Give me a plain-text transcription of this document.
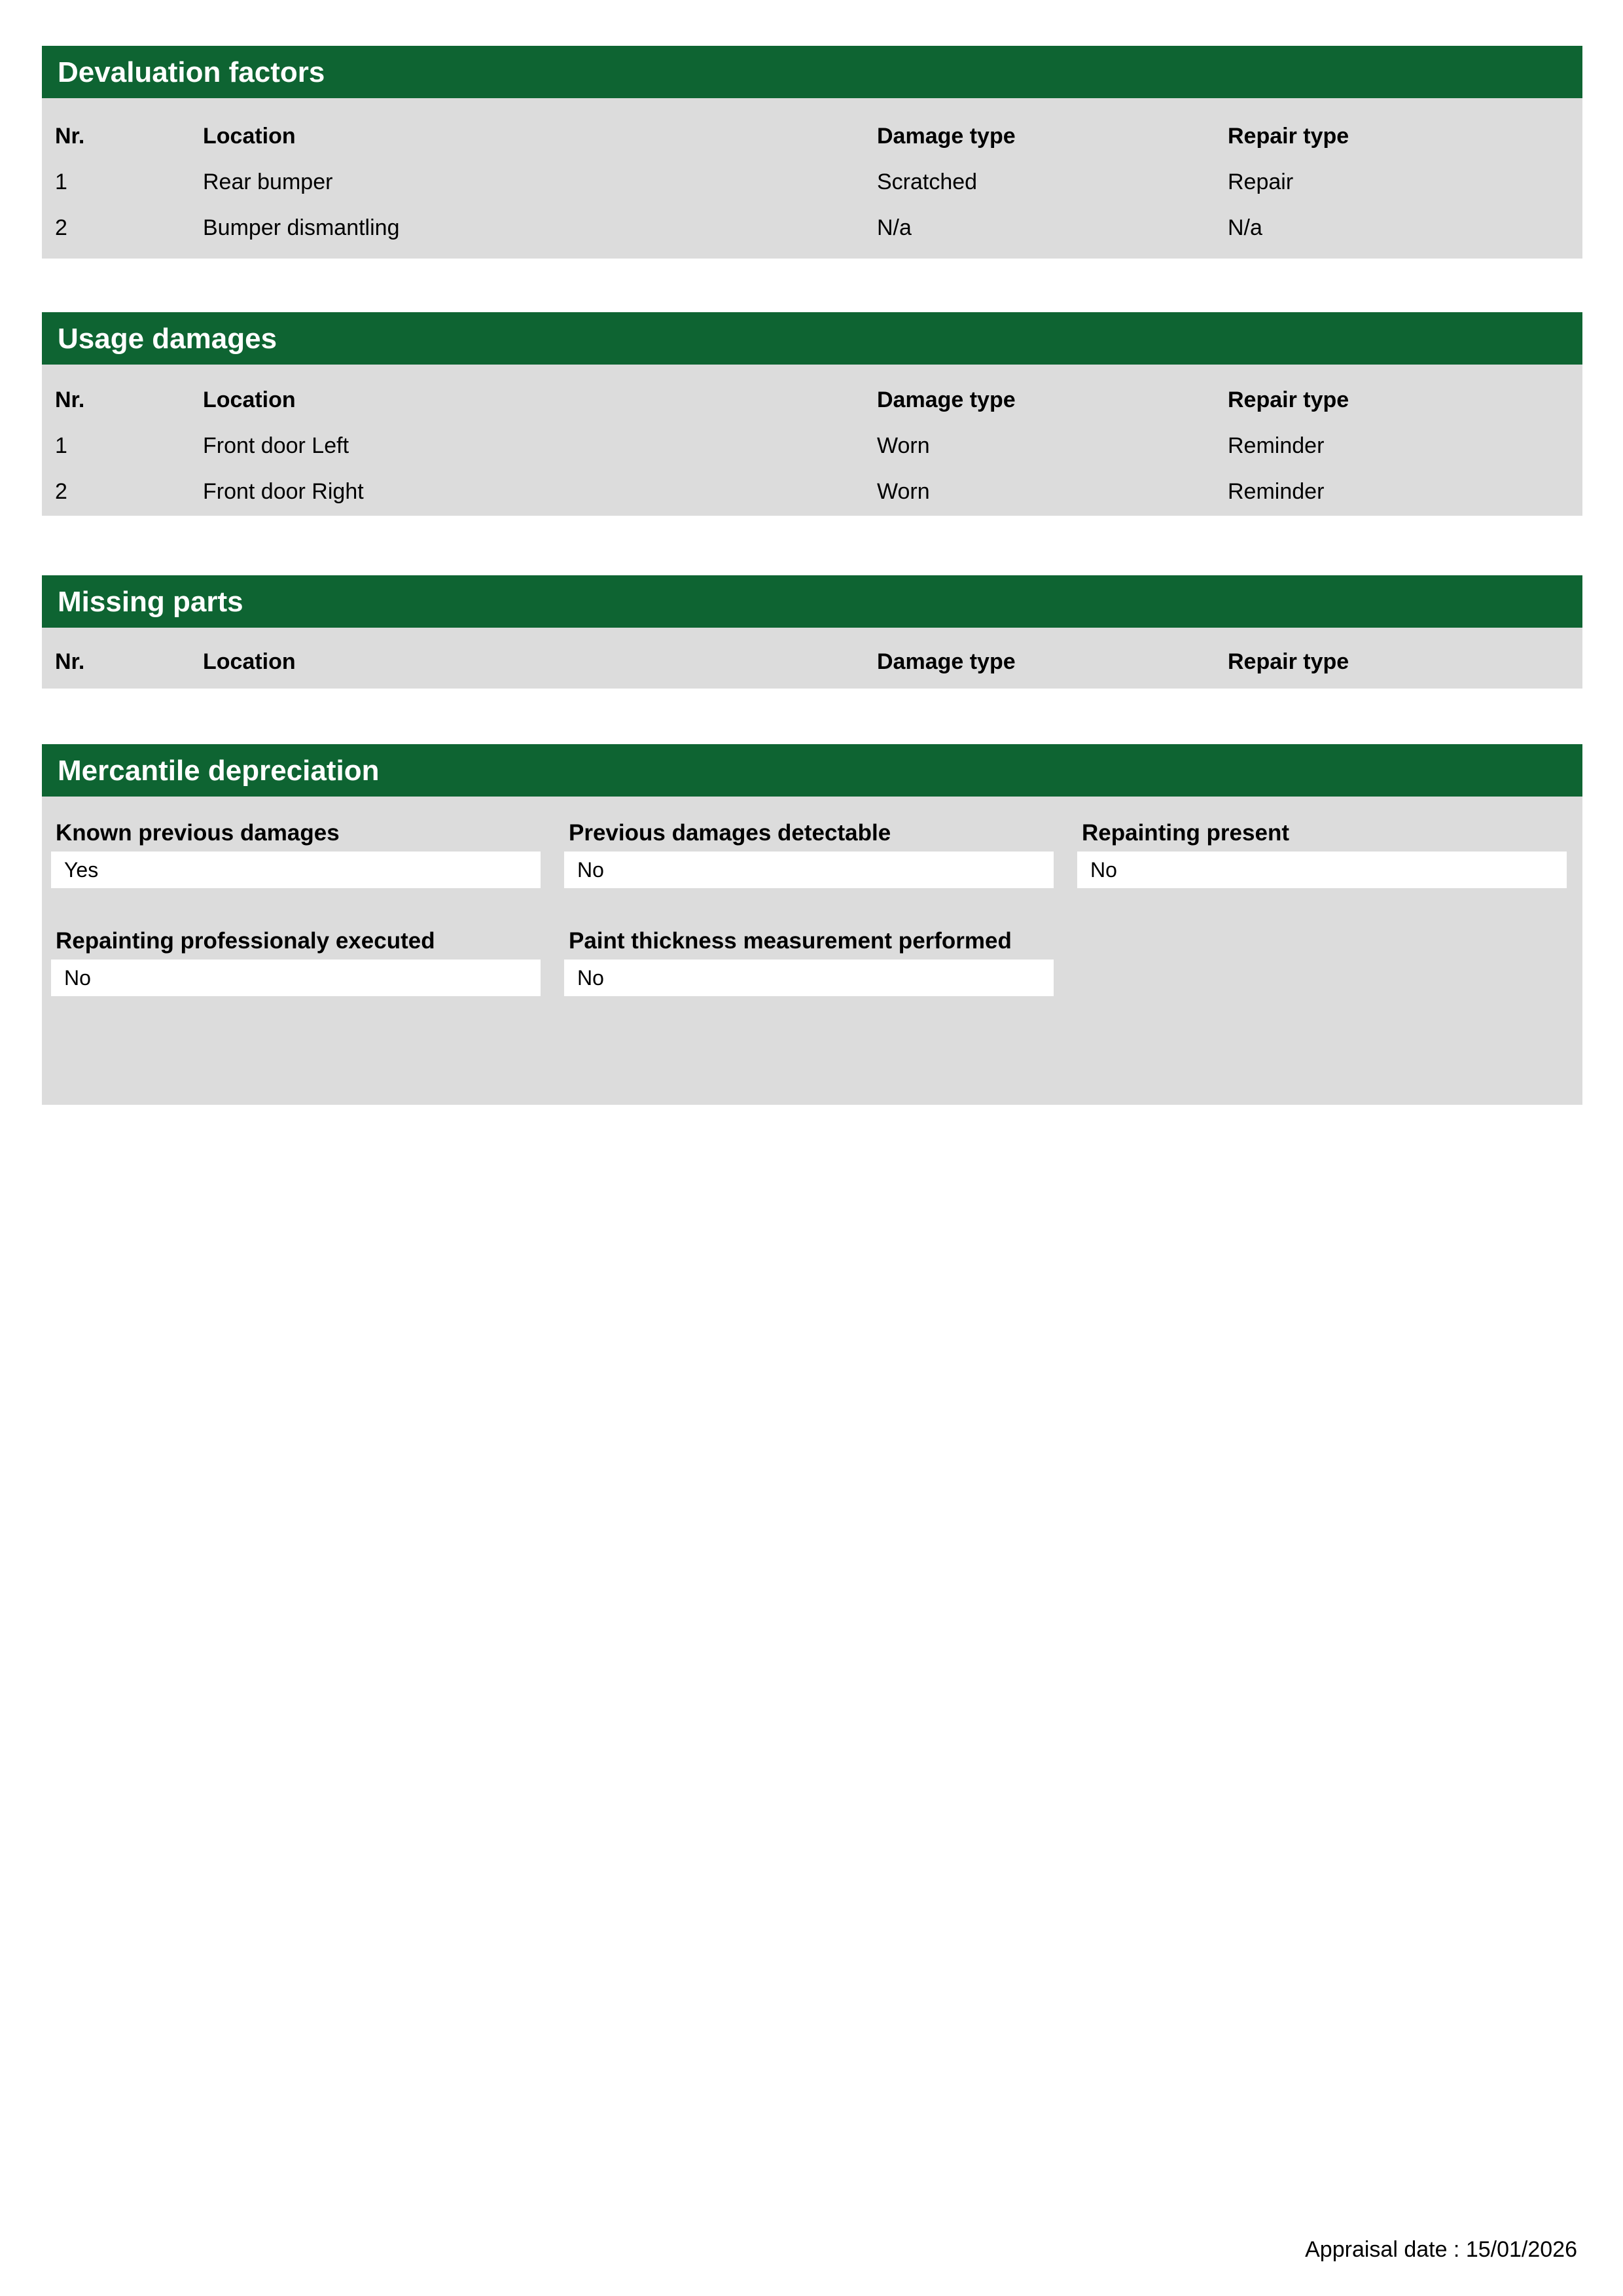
Devaluation factors
Nr.	Location	Damage type	Repair type
1	Rear bumper	Scratched	Repair
2	Bumper dismantling	N/a	N/a
Usage damages
Nr.	Location	Damage type	Repair type
1	Front door Left	Worn	Reminder
2	Front door Right	Worn	Reminder
Missing parts
Nr.	Location	Damage type	Repair type
Mercantile depreciation
Known previous damages
Yes
Previous damages detectable
No
Repainting present
No
Repainting professionaly executed
No
Paint thickness measurement performed
No
Appraisal date : 15/01/2026
